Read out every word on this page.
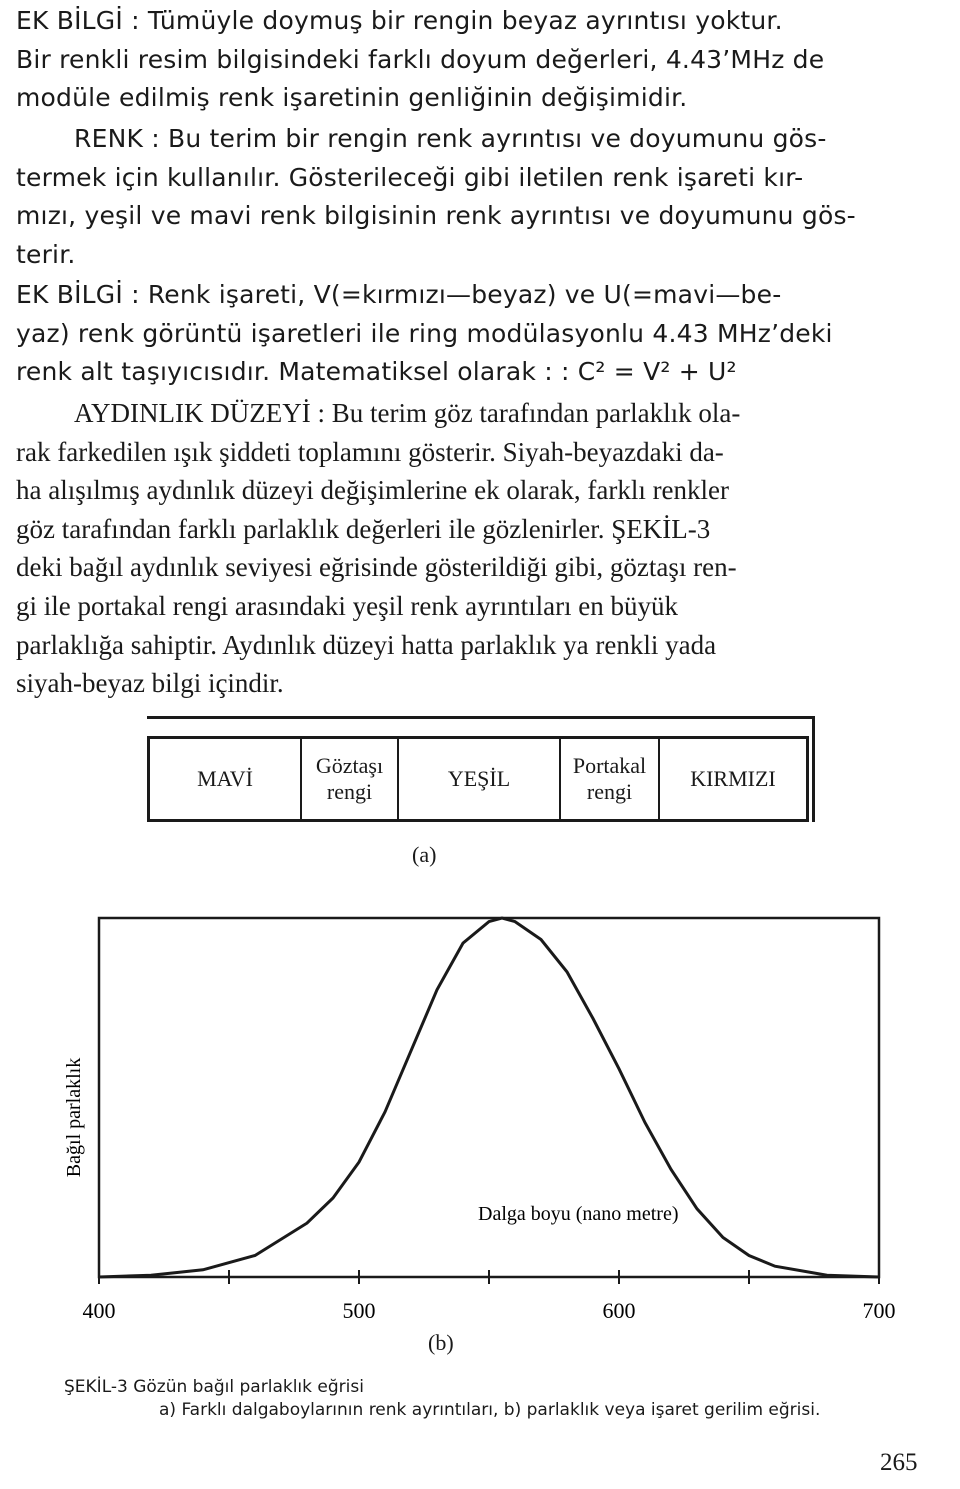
EK BİLGİ : Tümüyle doymuş bir rengin beyaz ayrıntısı yoktur.
Bir renkli resim bilgisindeki farklı doyum değerleri, 4.43’MHz de
modüle edilmiş renk işaretinin genliğinin değişimidir.
RENK : Bu terim bir rengin renk ayrıntısı ve doyumunu gös-
termek için kullanılır. Gösterileceği gibi iletilen renk işareti kır-
mızı, yeşil ve mavi renk bilgisinin renk ayrıntısı ve doyumunu gös-
terir.
EK BİLGİ : Renk işareti, V(=kırmızı—beyaz) ve U(=mavi—be-
yaz) renk görüntü işaretleri ile ring modülasyonlu 4.43 MHz’deki
renk alt taşıyıcısıdır. Matematiksel olarak : : C² = V² + U²
AYDINLIK DÜZEYİ : Bu terim göz tarafından parlaklık ola-
rak farkedilen ışık şiddeti toplamını gösterir. Siyah-beyazdaki da-
ha alışılmış aydınlık düzeyi değişimlerine ek olarak, farklı renkler
göz tarafından farklı parlaklık değerleri ile gözlenirler. ŞEKİL-3
deki bağıl aydınlık seviyesi eğrisinde gösterildiği gibi, göztaşı ren-
gi ile portakal rengi arasındaki yeşil renk ayrıntıları en büyük
parlaklığa sahiptir. Aydınlık düzeyi hatta parlaklık ya renkli yada
siyah-beyaz bilgi içindir.
MAVİ
Göztaşı
rengi
YEŞİL
Portakal
rengi
KIRMIZI
(a)
400	500	600	700
Bağıl parlaklık
Dalga boyu (nano metre)
(b)
ŞEKİL-3 Gözün bağıl parlaklık eğrisi
a) Farklı dalgaboylarının renk ayrıntıları, b) parlaklık veya işaret gerilim eğrisi.
265
